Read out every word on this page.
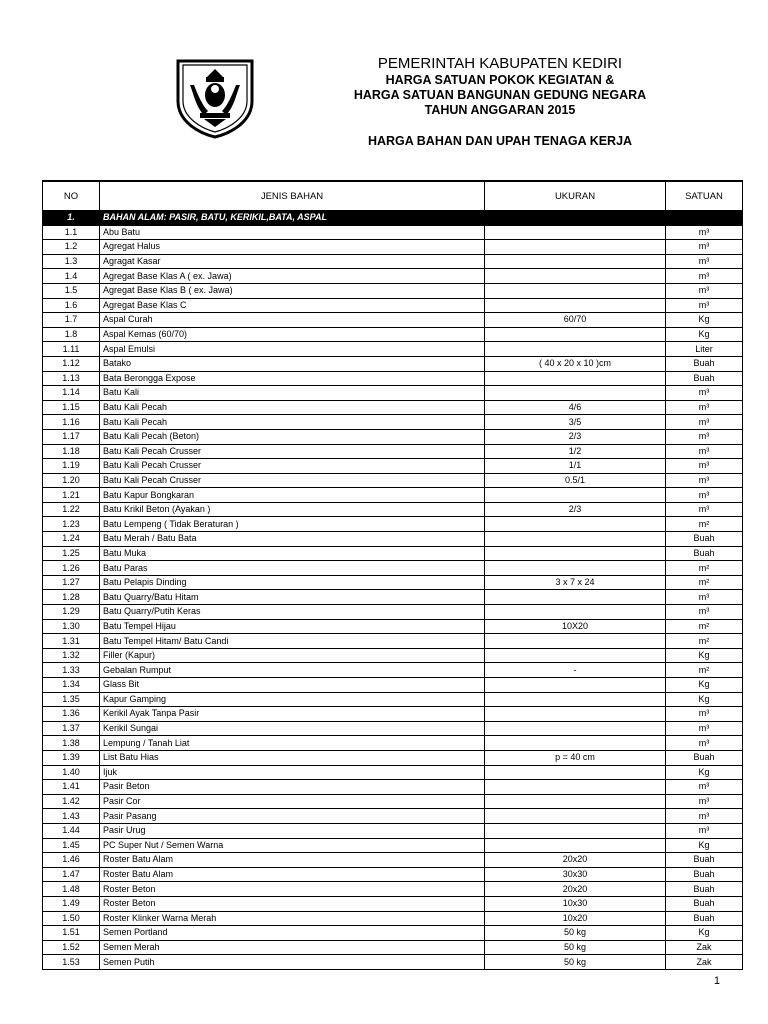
PEMERINTAH KABUPATEN KEDIRI
HARGA SATUAN POKOK KEGIATAN &
HARGA SATUAN BANGUNAN GEDUNG NEGARA
TAHUN ANGGARAN 2015
HARGA BAHAN DAN UPAH TENAGA KERJA
NO	JENIS BAHAN	UKURAN	SATUAN
1.	BAHAN ALAM: PASIR, BATU, KERIKIL,BATA, ASPAL		
1.1	Abu Batu		m³
1.2	Agregat Halus		m³
1.3	Agragat Kasar		m³
1.4	Agregat Base Klas A ( ex. Jawa)		m³
1.5	Agregat Base Klas B ( ex. Jawa)		m³
1.6	Agregat Base Klas C		m³
1.7	Aspal Curah	60/70	Kg
1.8	Aspal Kemas (60/70)		Kg
1.11	Aspal Emulsi		Liter
1.12	Batako	( 40 x 20 x 10 )cm	Buah
1.13	Bata Berongga Expose		Buah
1.14	Batu Kali		m³
1.15	Batu Kali Pecah	4/6	m³
1.16	Batu Kali Pecah	3/5	m³
1.17	Batu Kali Pecah (Beton)	2/3	m³
1.18	Batu Kali Pecah Crusser	1/2	m³
1.19	Batu Kali Pecah Crusser	1/1	m³
1.20	Batu Kali Pecah Crusser	0.5/1	m³
1.21	Batu Kapur Bongkaran		m³
1.22	Batu Krikil Beton (Ayakan )	2/3	m³
1.23	Batu Lempeng ( Tidak Beraturan )		m²
1.24	Batu Merah / Batu Bata		Buah
1.25	Batu Muka		Buah
1.26	Batu Paras		m²
1.27	Batu Pelapis Dinding	3 x 7 x 24	m²
1.28	Batu Quarry/Batu Hitam		m³
1.29	Batu Quarry/Putih Keras		m³
1.30	Batu Tempel Hijau	10X20	m²
1.31	Batu Tempel Hitam/ Batu Candi		m²
1.32	Filler (Kapur)		Kg
1.33	Gebalan Rumput	-	m²
1.34	Glass Bit		Kg
1.35	Kapur Gamping		Kg
1.36	Kerikil Ayak Tanpa Pasir		m³
1.37	Kerikil Sungai		m³
1.38	Lempung / Tanah Liat		m³
1.39	List Batu Hias	p = 40 cm	Buah
1.40	Ijuk		Kg
1.41	Pasir Beton		m³
1.42	Pasir Cor		m³
1.43	Pasir Pasang		m³
1.44	Pasir Urug		m³
1.45	PC Super Nut / Semen Warna		Kg
1.46	Roster Batu Alam	20x20	Buah
1.47	Roster Batu Alam	30x30	Buah
1.48	Roster Beton	20x20	Buah
1.49	Roster Beton	10x30	Buah
1.50	Roster Klinker Warna Merah	10x20	Buah
1.51	Semen Portland	50 kg	Kg
1.52	Semen Merah	50 kg	Zak
1.53	Semen Putih	50 kg	Zak
1
